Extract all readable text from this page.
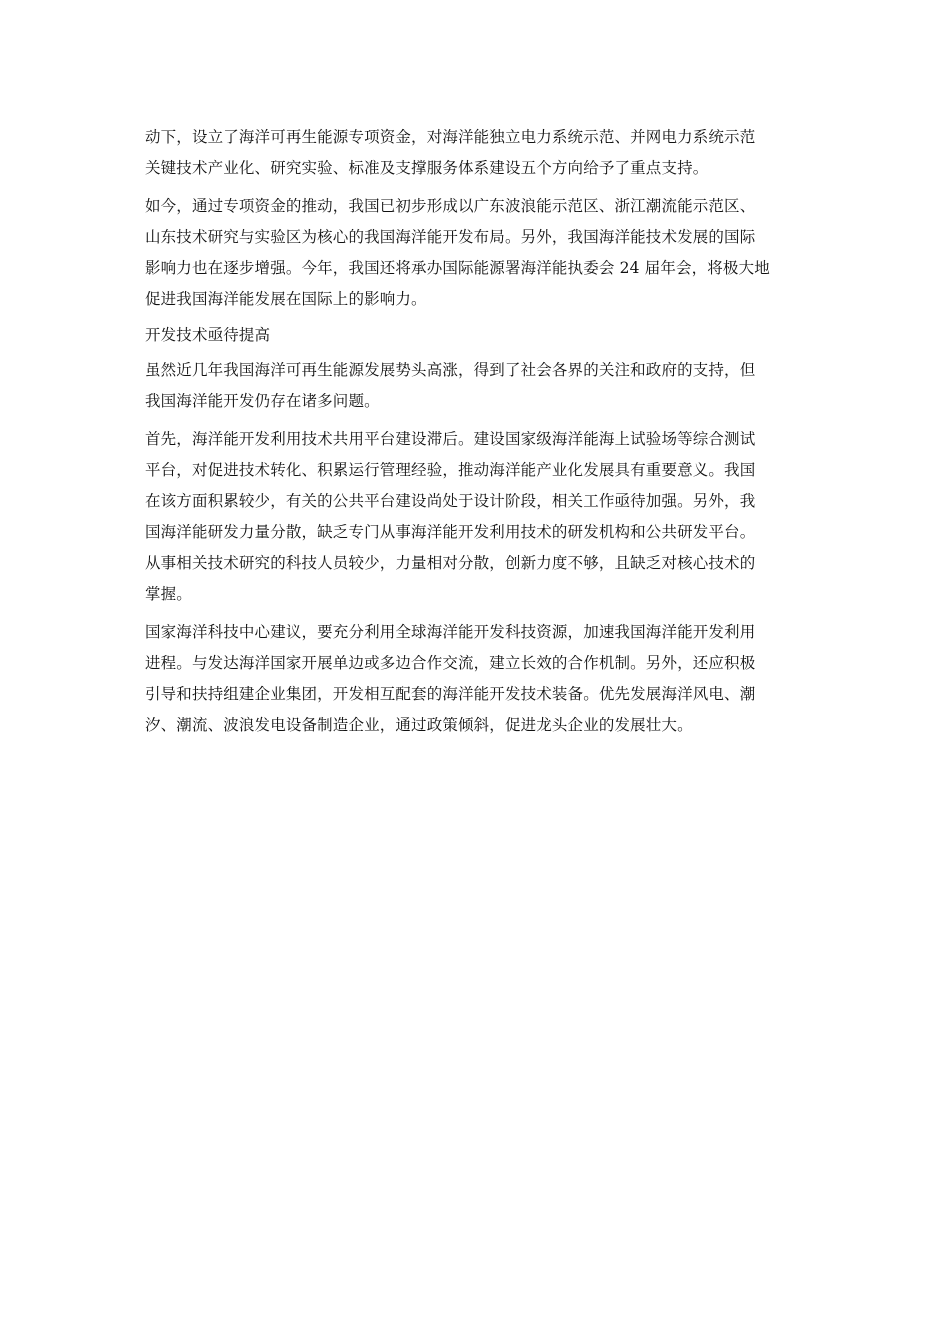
动下，设立了海洋可再生能源专项资金，对海洋能独立电力系统示范、并网电力系统示范
关键技术产业化、研究实验、标准及支撑服务体系建设五个方向给予了重点支持。
如今，通过专项资金的推动，我国已初步形成以广东波浪能示范区、浙江潮流能示范区、
山东技术研究与实验区为核心的我国海洋能开发布局。另外，我国海洋能技术发展的国际
影响力也在逐步增强。今年，我国还将承办国际能源署海洋能执委会 24 届年会，将极大地
促进我国海洋能发展在国际上的影响力。
开发技术亟待提高
虽然近几年我国海洋可再生能源发展势头高涨，得到了社会各界的关注和政府的支持，但
我国海洋能开发仍存在诸多问题。
首先，海洋能开发利用技术共用平台建设滞后。建设国家级海洋能海上试验场等综合测试
平台，对促进技术转化、积累运行管理经验，推动海洋能产业化发展具有重要意义。我国
在该方面积累较少，有关的公共平台建设尚处于设计阶段，相关工作亟待加强。另外，我
国海洋能研发力量分散，缺乏专门从事海洋能开发利用技术的研发机构和公共研发平台。
从事相关技术研究的科技人员较少，力量相对分散，创新力度不够，且缺乏对核心技术的
掌握。
国家海洋科技中心建议，要充分利用全球海洋能开发科技资源，加速我国海洋能开发利用
进程。与发达海洋国家开展单边或多边合作交流，建立长效的合作机制。另外，还应积极
引导和扶持组建企业集团，开发相互配套的海洋能开发技术装备。优先发展海洋风电、潮
汐、潮流、波浪发电设备制造企业，通过政策倾斜，促进龙头企业的发展壮大。
